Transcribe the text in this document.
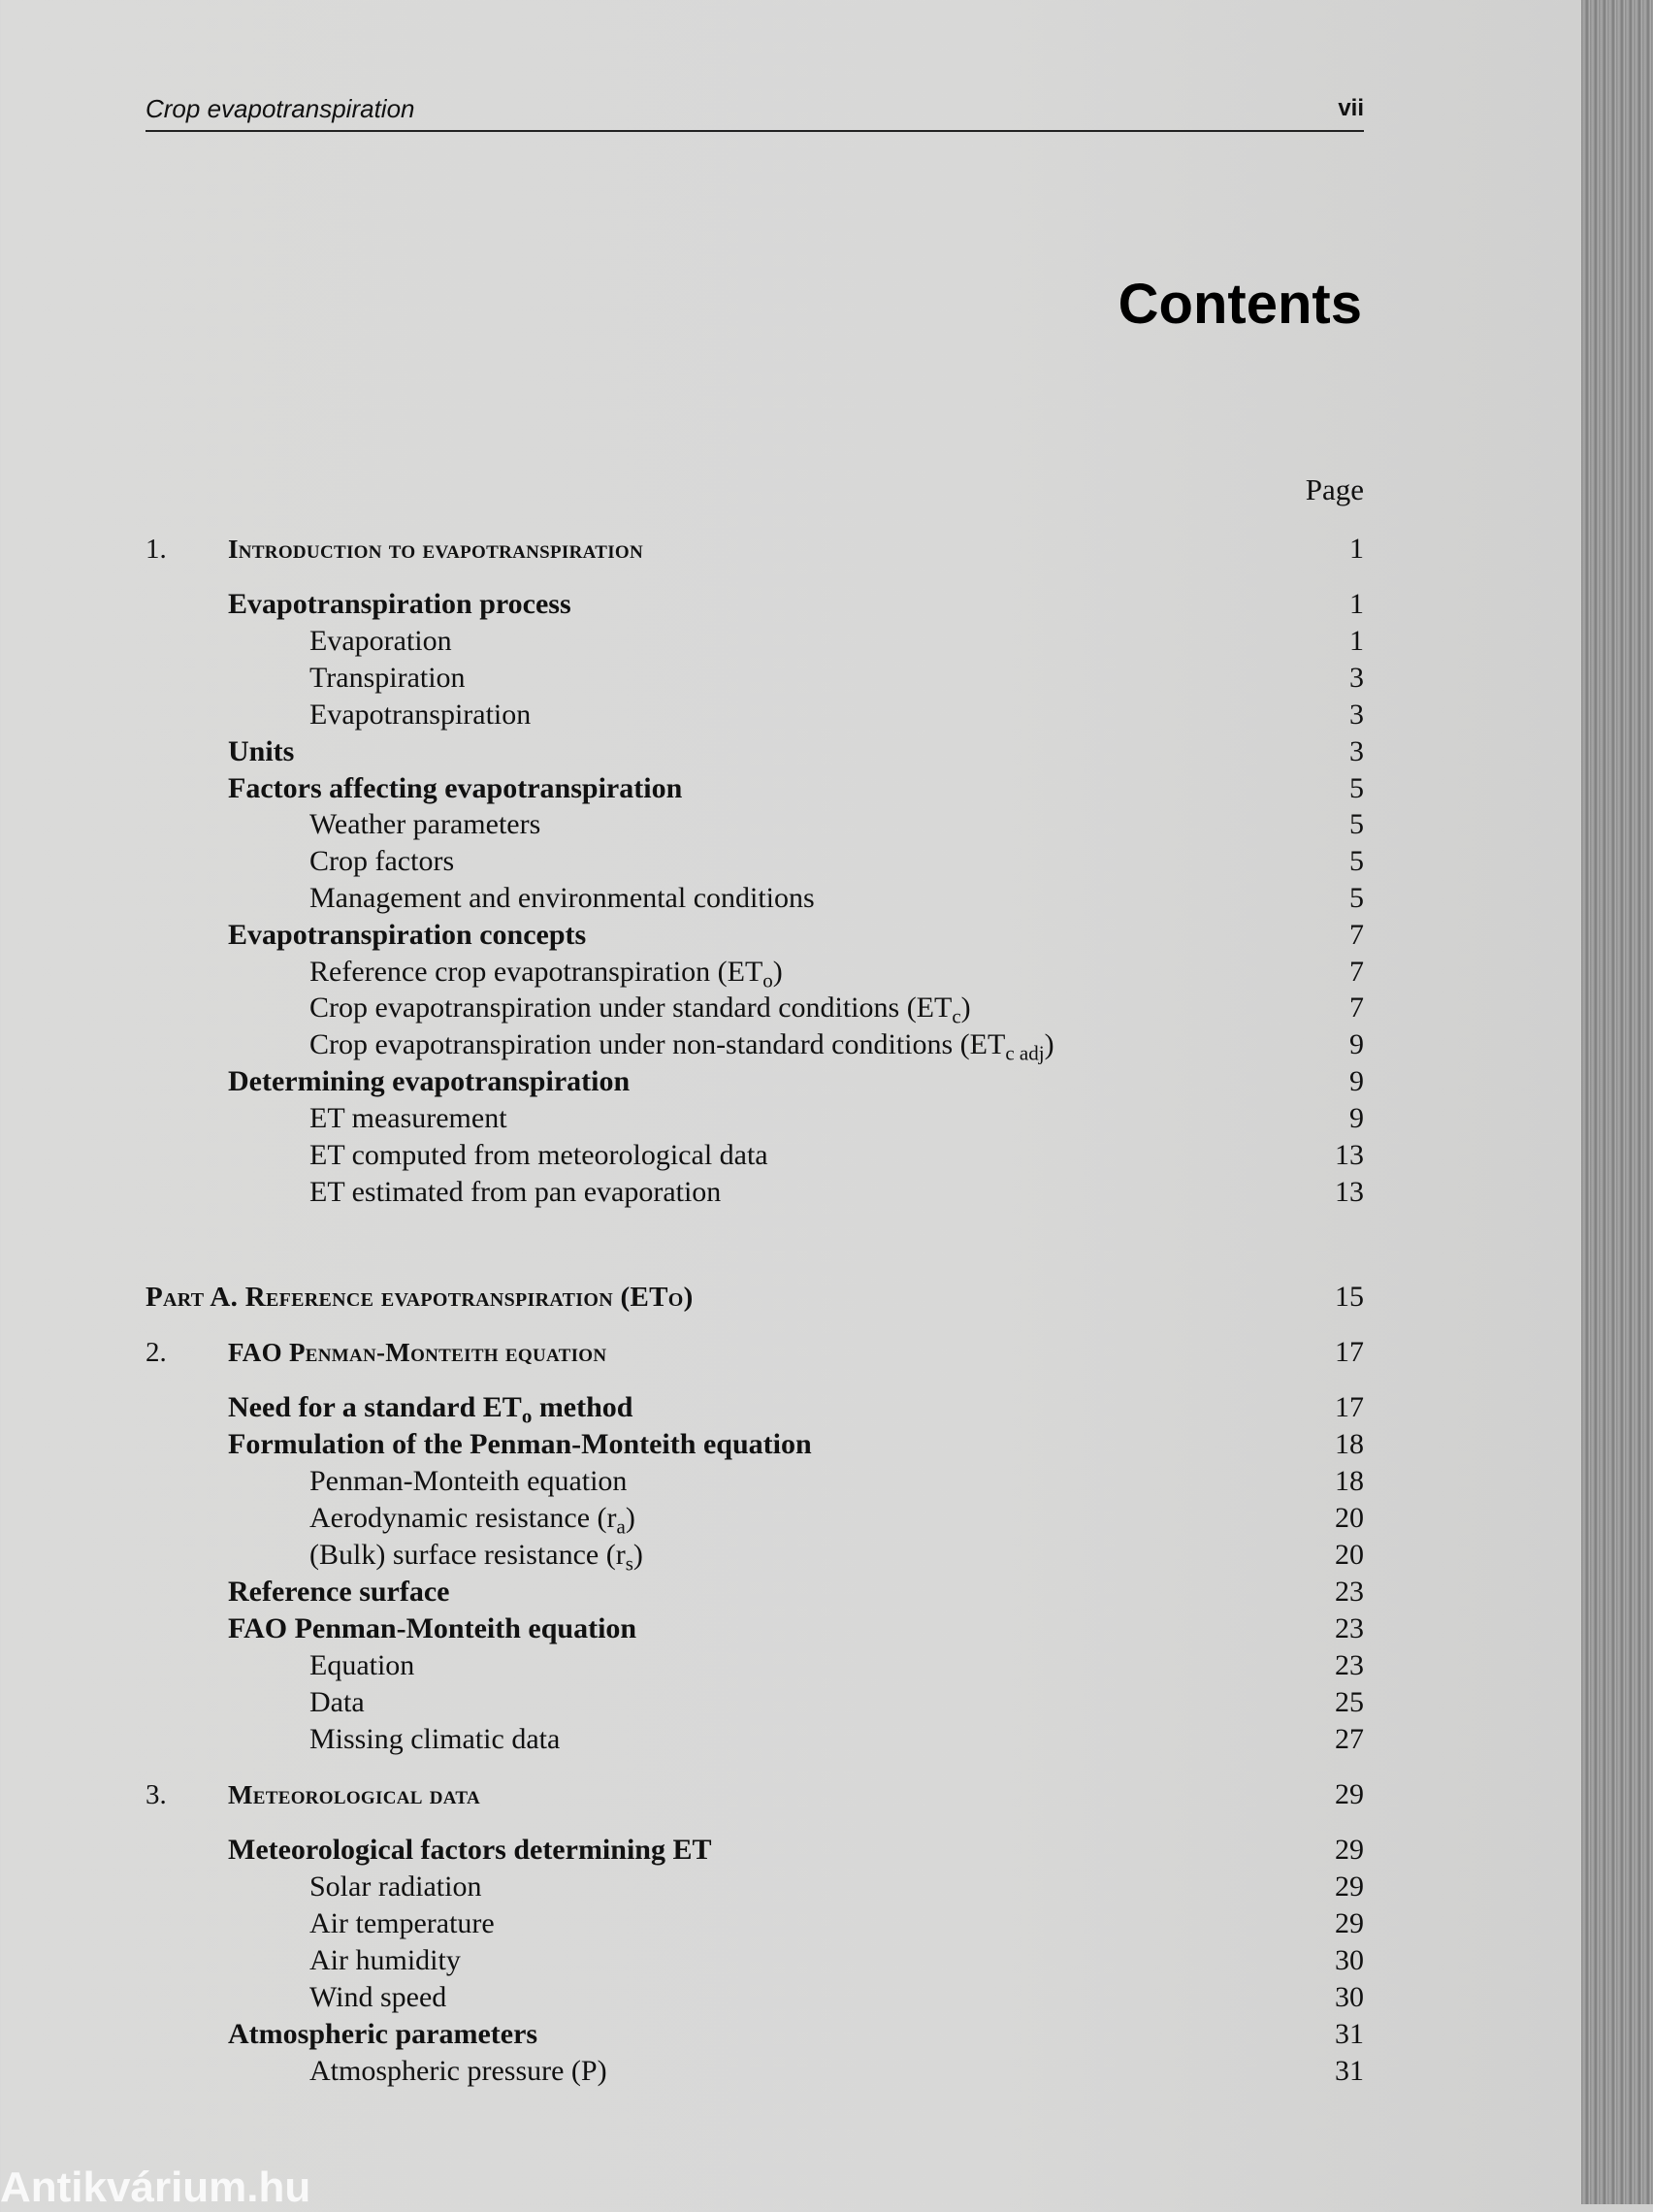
Crop evapotranspiration	vii
Contents
Page
1. Introduction to evapotranspiration	1
Evapotranspiration process	1
Evaporation	1
Transpiration	3
Evapotranspiration	3
Units	3
Factors affecting evapotranspiration	5
Weather parameters	5
Crop factors	5
Management and environmental conditions	5
Evapotranspiration concepts	7
Reference crop evapotranspiration $(ET_o)$	7
Crop evapotranspiration under standard conditions $(ET_c)$	7
Crop evapotranspiration under non-standard conditions $(ET_{c adj})$	9
Determining evapotranspiration	9
ET measurement	9
ET computed from meteorological data	13
ET estimated from pan evaporation	13
Part A. Reference evapotranspiration (ETo)	15
2. FAO Penman-Monteith equation	17
Need for a standard $ET_o$ method	17
Formulation of the Penman-Monteith equation	18
Penman-Monteith equation	18
Aerodynamic resistance $(r_a)$	20
(Bulk) surface resistance $(r_s)$	20
Reference surface	23
FAO Penman-Monteith equation	23
Equation	23
Data	25
Missing climatic data	27
3. Meteorological data	29
Meteorological factors determining ET	29
Solar radiation	29
Air temperature	29
Air humidity	30
Wind speed	30
Atmospheric parameters	31
Atmospheric pressure (P)	31
Antikvárium.hu
